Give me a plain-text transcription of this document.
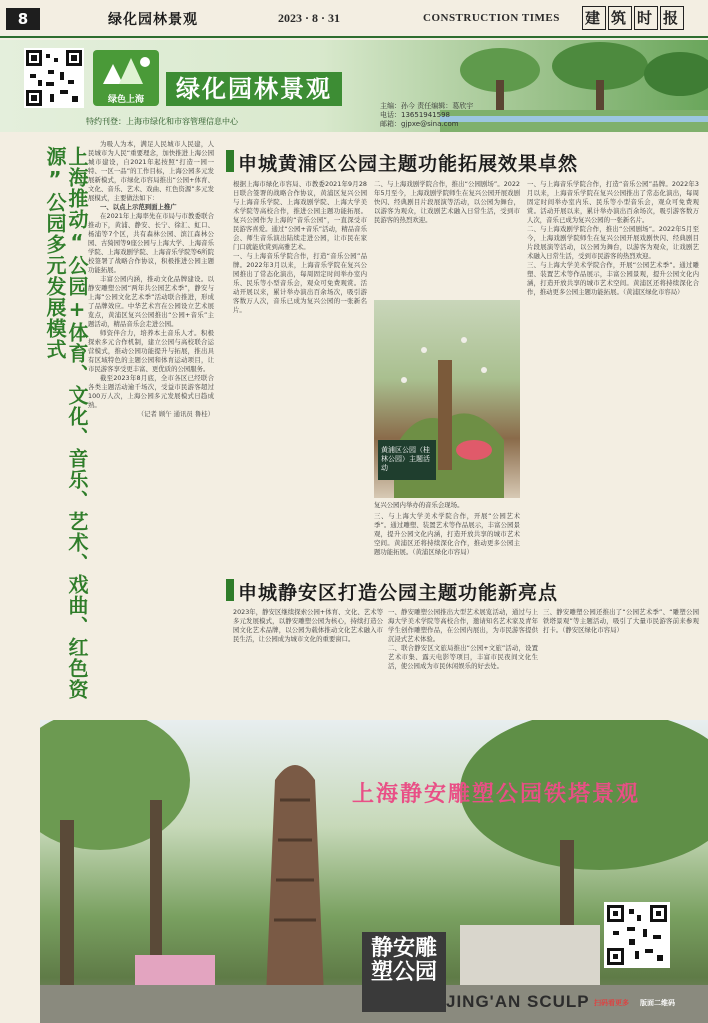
8	绿化园林景观	2023 · 8 · 31	CONSTRUCTION TIMES 建 筑 时 报
绿色上海	绿化园林景观
特约刊登：上海市绿化和市容管理信息中心
主编：孙今 责任编辑：葛欣宇
电话：13651941598
邮箱：gjpxe@sina.com
上海推动“公园+体育、文化、音乐、艺术、戏曲、红色资源”公园多元发展模式

为吸人为本，满足人民城市人民建，人民城市为人民“重要理念，加快推进上海公园城市建设，自2021年起按照“打造一园一特、一区一品”的工作目标，上海公园多元发展新模式，市绿化市容局推出“公园+体育、文化、音乐、艺术、戏曲、红色资源”多元发展模式，主要做法如下：

一、以点上示范到面上推广

在2021年上海率先在市局与市教委联合推动下，黄浦、静安、长宁、徐汇、虹口、杨浦等7个区，共有森林公园、滨江森林公园、古猗园等9座公园与上海大学、上海音乐学院、上海戏剧学院、上海音乐学院等6所院校签署了战略合作协议，积极推进公园主题功能拓展。

丰富公园内涵，推动文化品牌建设。以静安雕塑公园“两年共公园艺术季”，静安与上海“公园文化艺术季”活动联合推进，形成了品牌效应。中华艺术宫在公园设立艺术展览点，黄浦区复兴公园推出“公园+音乐”主题活动，精品音乐会走进公园。

师资伴合力，培养本土音乐人才。积极探索多元合作机制，建立公园与高校联合运营模式，推动公园功能提升与拓展，推出具有区域特色的主题公园和体育运动项目，让市民游客享受更丰富、更优质的公园服务。

截至2023年8月底，全市各区已经联合各类主题活动逾千场次，受益市民游客超过100万人次，上海公园多元发展模式日趋成熟。

（记者 顾午 通讯员 鲁桂）

申城黄浦区公园主题功能拓展效果卓然

根据上海市绿化市容局、市教委2021年9月28日联合签署的战略合作协议，黄浦区复兴公园与上海音乐学院、上海戏剧学院、上海大学美术学院等高校合作，推进公园主题功能拓展。复兴公园作为上海的“音乐公园”，一直深受市民游客喜爱。通过“公园+音乐”活动，精品音乐会、师生音乐演出陆续走进公园，让市民在家门口就能欣赏到高雅艺术。

一、与上海音乐学院合作，打造“音乐公园”品牌。2022年3月以来，上海音乐学院在复兴公园推出了常态化演出，每周固定时间举办室内乐、民乐等小型音乐会，观众可免费观赏。活动开展以来，累计举办演出百余场次，吸引游客数万人次，音乐已成为复兴公园的一张新名片。

二、与上海戏剧学院合作，推出“公园剧场”。2022年5月至今，上海戏剧学院师生在复兴公园开展戏剧快闪、经典剧目片段展演等活动，以公园为舞台，以游客为观众，让戏剧艺术融入日常生活，受到市民游客的热烈欢迎。

黄浦区公园（桂林公园）主题活动
复兴公园内举办的音乐会现场。

三、与上海大学美术学院合作，开展“公园艺术季”。通过雕塑、装置艺术等作品展示，丰富公园景观，提升公园文化内涵，打造开放共享的城市艺术空间。黄浦区还将持续深化合作，推动更多公园主题功能拓展。（黄浦区绿化市容局）

一、与上海音乐学院合作，打造“音乐公园”品牌。2022年3月以来，上海音乐学院在复兴公园推出了常态化演出，每周固定时间举办室内乐、民乐等小型音乐会，观众可免费观赏。活动开展以来，累计举办演出百余场次，吸引游客数万人次，音乐已成为复兴公园的一张新名片。

二、与上海戏剧学院合作，推出“公园剧场”。2022年5月至今，上海戏剧学院师生在复兴公园开展戏剧快闪、经典剧目片段展演等活动，以公园为舞台，以游客为观众，让戏剧艺术融入日常生活，受到市民游客的热烈欢迎。

三、与上海大学美术学院合作，开展“公园艺术季”。通过雕塑、装置艺术等作品展示，丰富公园景观，提升公园文化内涵，打造开放共享的城市艺术空间。黄浦区还将持续深化合作，推动更多公园主题功能拓展。（黄浦区绿化市容局）

申城静安区打造公园主题功能新亮点

2023年，静安区继续探索公园+体育、文化、艺术等多元发展模式，以静安雕塑公园为核心，持续打造公园文化艺术品牌，以公园为载体推动文化艺术融入市民生活，让公园成为城市文化的重要窗口。

一、静安雕塑公园推出大型艺术展览活动，通过与上海大学美术学院等高校合作，邀请知名艺术家及青年学生创作雕塑作品，在公园内展出，为市民游客提供沉浸式艺术体验。

二、联合静安区文旅局推出“公园+文旅”活动，设置艺术市集、露天电影等项目，丰富市民夜间文化生活，使公园成为市民休闲娱乐的好去处。

三、静安雕塑公园还推出了“公园艺术季”、“雕塑公园铁塔景观”等主题活动，吸引了大量市民游客前来参观打卡。（静安区绿化市容局）

上海静安雕塑公园铁塔景观
静安雕塑公园
JING'AN SCULP 扫码看更多 版面二维码
